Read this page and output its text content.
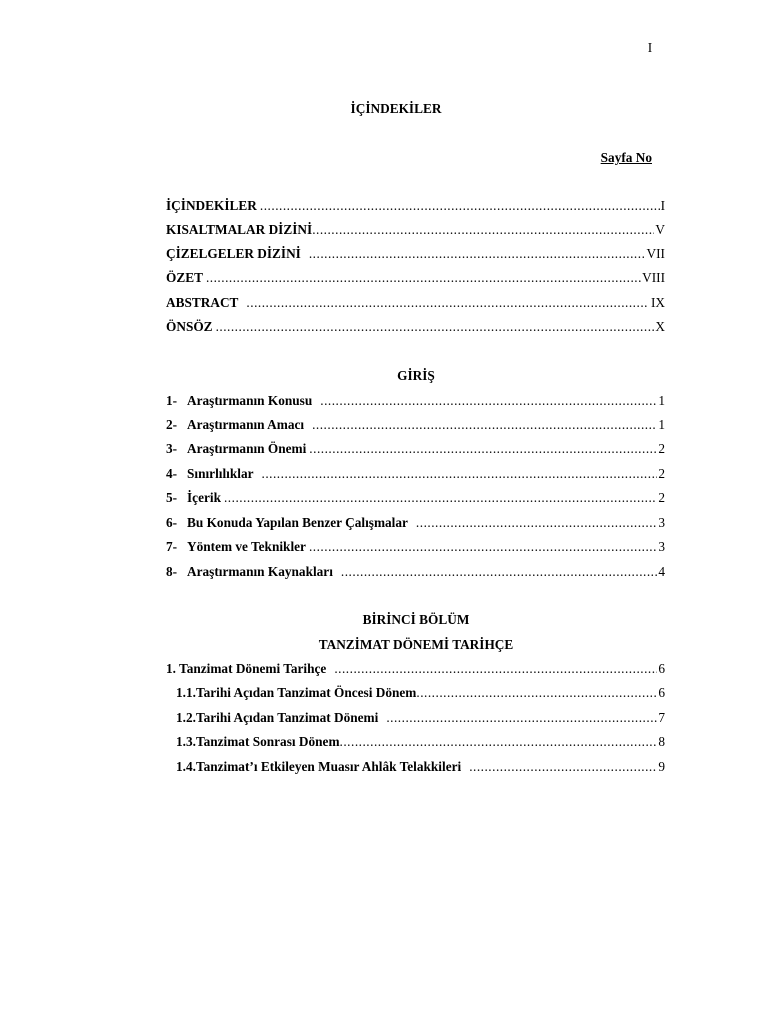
I
İÇİNDEKİLER
Sayfa No
İÇİNDEKİLER .....	I
KISALTMALAR DİZİNİ .....	V
ÇİZELGELER DİZİNİ .....	VII
ÖZET .....	VIII
ABSTRACT .....	IX
ÖNSÖZ .....	X
GİRİŞ
1- Araştırmanın Konusu .....	1
2- Araştırmanın Amacı .....	1
3- Araştırmanın Önemi .....	2
4- Sınırlılıklar .....	2
5- İçerik .....	2
6- Bu Konuda Yapılan Benzer Çalışmalar .....	3
7- Yöntem ve Teknikler .....	3
8- Araştırmanın Kaynakları .....	4
BİRİNCİ BÖLÜM
TANZİMAT DÖNEMİ TARİHÇE
1. Tanzimat Dönemi Tarihçe .....	6
1.1.Tarihi Açıdan Tanzimat Öncesi Dönem .....	6
1.2.Tarihi Açıdan Tanzimat Dönemi .....	7
1.3.Tanzimat Sonrası Dönem .....	8
1.4.Tanzimat’ı Etkileyen Muasır Ahlâk Telakkileri .....	9
